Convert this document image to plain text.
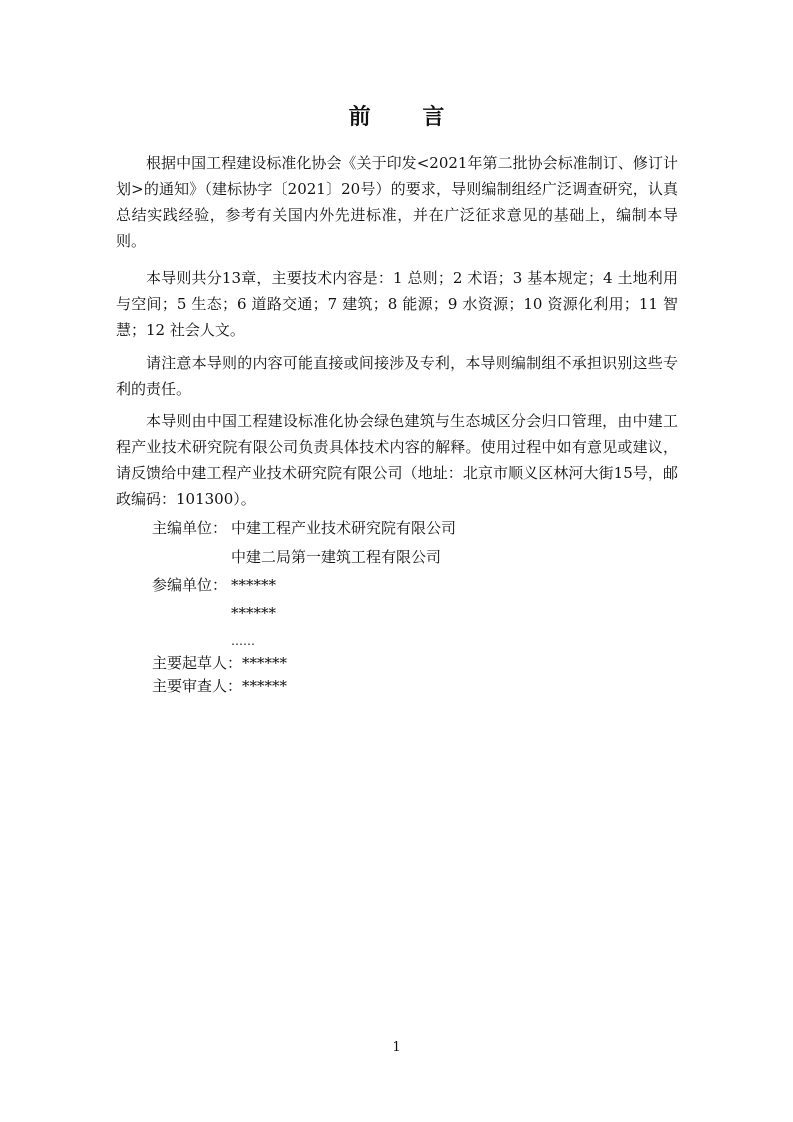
前 言

根据中国工程建设标准化协会《关于印发<2021年第二批协会标准制订、修订计划>的通知》（建标协字〔2021〕20号）的要求，导则编制组经广泛调查研究，认真总结实践经验，参考有关国内外先进标准，并在广泛征求意见的基础上，编制本导则。

本导则共分13章，主要技术内容是：1 总则；2 术语；3 基本规定；4 土地利用与空间；5 生态；6 道路交通；7 建筑；8 能源；9 水资源；10 资源化利用；11 智慧；12 社会人文。

请注意本导则的内容可能直接或间接涉及专利，本导则编制组不承担识别这些专利的责任。

本导则由中国工程建设标准化协会绿色建筑与生态城区分会归口管理，由中建工程产业技术研究院有限公司负责具体技术内容的解释。使用过程中如有意见或建议，请反馈给中建工程产业技术研究院有限公司（地址：北京市顺义区林河大街15号，邮政编码：101300）。

主编单位： 中建工程产业技术研究院有限公司
中建二局第一建筑工程有限公司
参编单位： ******
******
……
主要起草人：******
主要审查人：******
1
